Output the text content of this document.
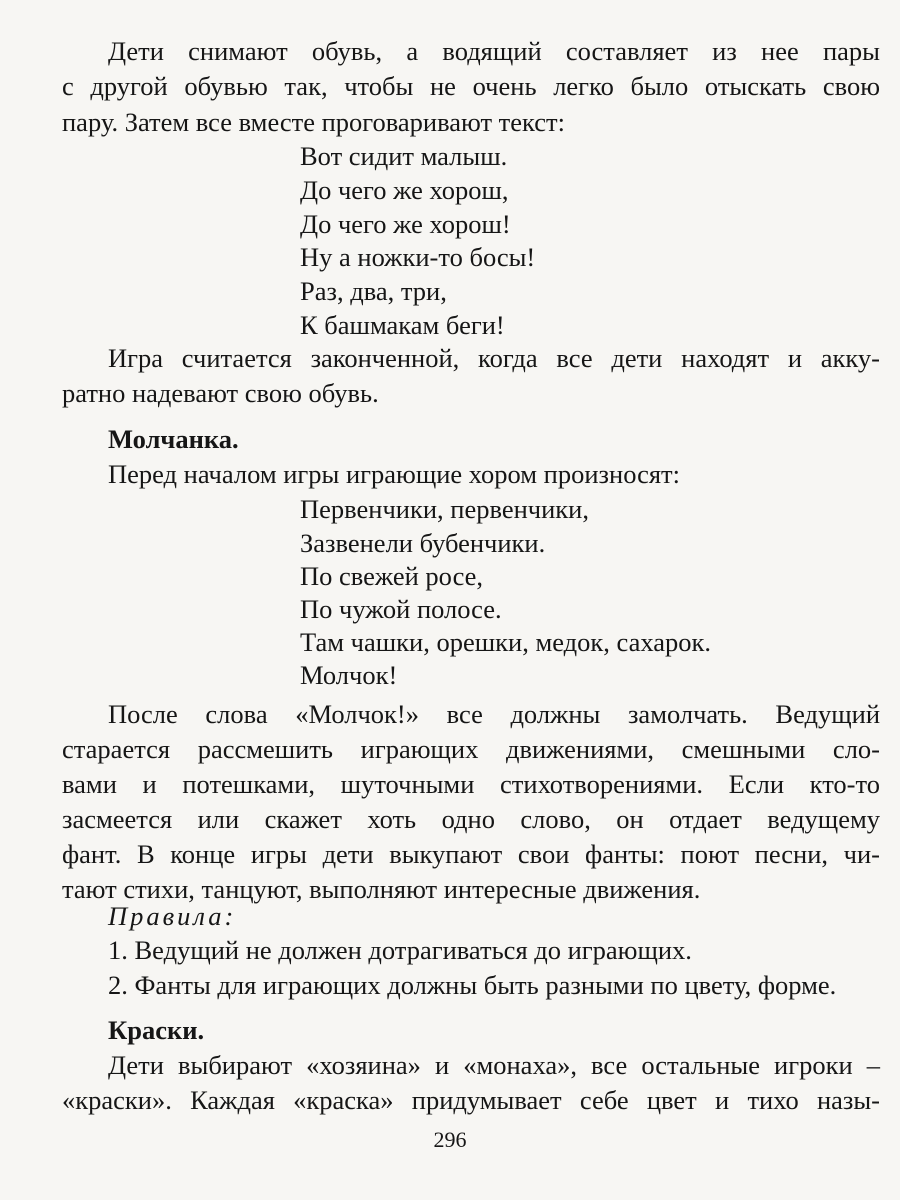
Дети снимают обувь, а водящий составляет из нее пары
с другой обувью так, чтобы не очень легко было отыскать свою
пару. Затем все вместе проговаривают текст:
Вот сидит малыш.
До чего же хорош,
До чего же хорош!
Ну а ножки-то босы!
Раз, два, три,
К башмакам беги!
Игра считается законченной, когда все дети находят и акку-
ратно надевают свою обувь.
Молчанка.
Перед началом игры играющие хором произносят:
Первенчики, первенчики,
Зазвенели бубенчики.
По свежей росе,
По чужой полосе.
Там чашки, орешки, медок, сахарок.
Молчок!
После слова «Молчок!» все должны замолчать. Ведущий
старается рассмешить играющих движениями, смешными сло-
вами и потешками, шуточными стихотворениями. Если кто-то
засмеется или скажет хоть одно слово, он отдает ведущему
фант. В конце игры дети выкупают свои фанты: поют песни, чи-
тают стихи, танцуют, выполняют интересные движения.
Правила:
1. Ведущий не должен дотрагиваться до играющих.
2. Фанты для играющих должны быть разными по цвету, форме.
Краски.
Дети выбирают «хозяина» и «монаха», все остальные игроки –
«краски». Каждая «краска» придумывает себе цвет и тихо назы-
296
